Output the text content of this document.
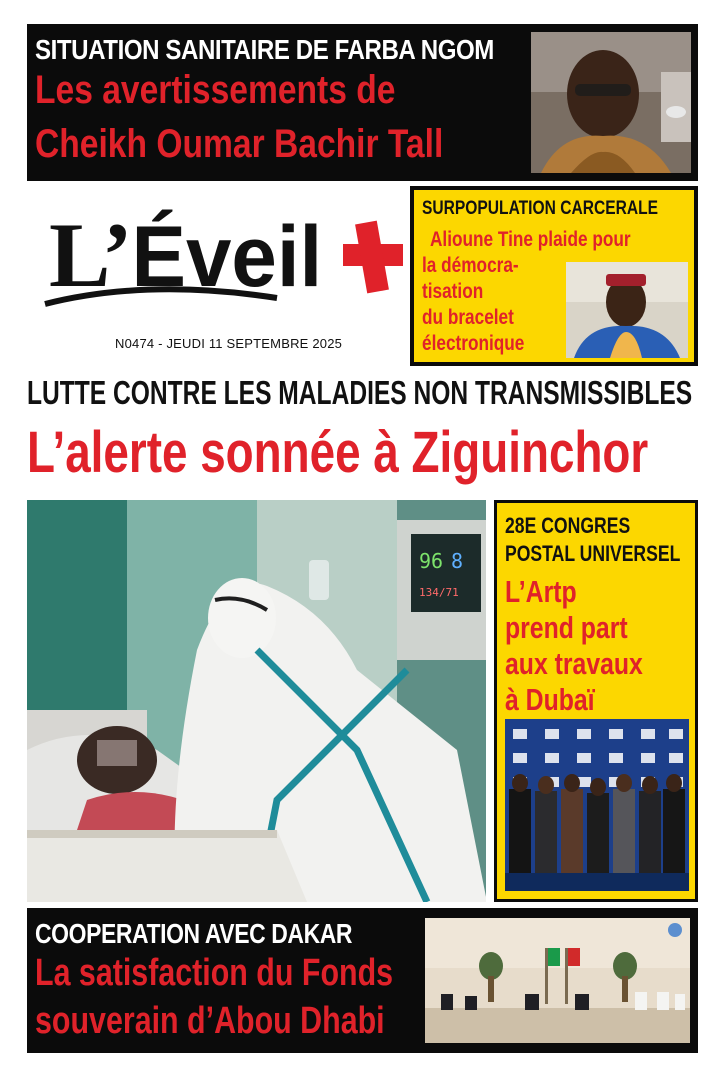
SITUATION SANITAIRE DE FARBA NGOM
Les avertissements de
Cheikh Oumar Bachir Tall
L’
Éveil
N0474 - JEUDI 11 SEPTEMBRE 2025
SURPOPULATION CARCERALE
Alioune Tine plaide pour
la démocra-
tisation
du bracelet
électronique
LUTTE CONTRE LES MALADIES NON TRANSMISSIBLES
L’alerte sonnée à Ziguinchor
96 8
134/71
28E CONGRES
POSTAL UNIVERSEL
L’Artp
prend part
aux travaux
à Dubaï
COOPERATION AVEC DAKAR
La satisfaction du Fonds
souverain d’Abou Dhabi
